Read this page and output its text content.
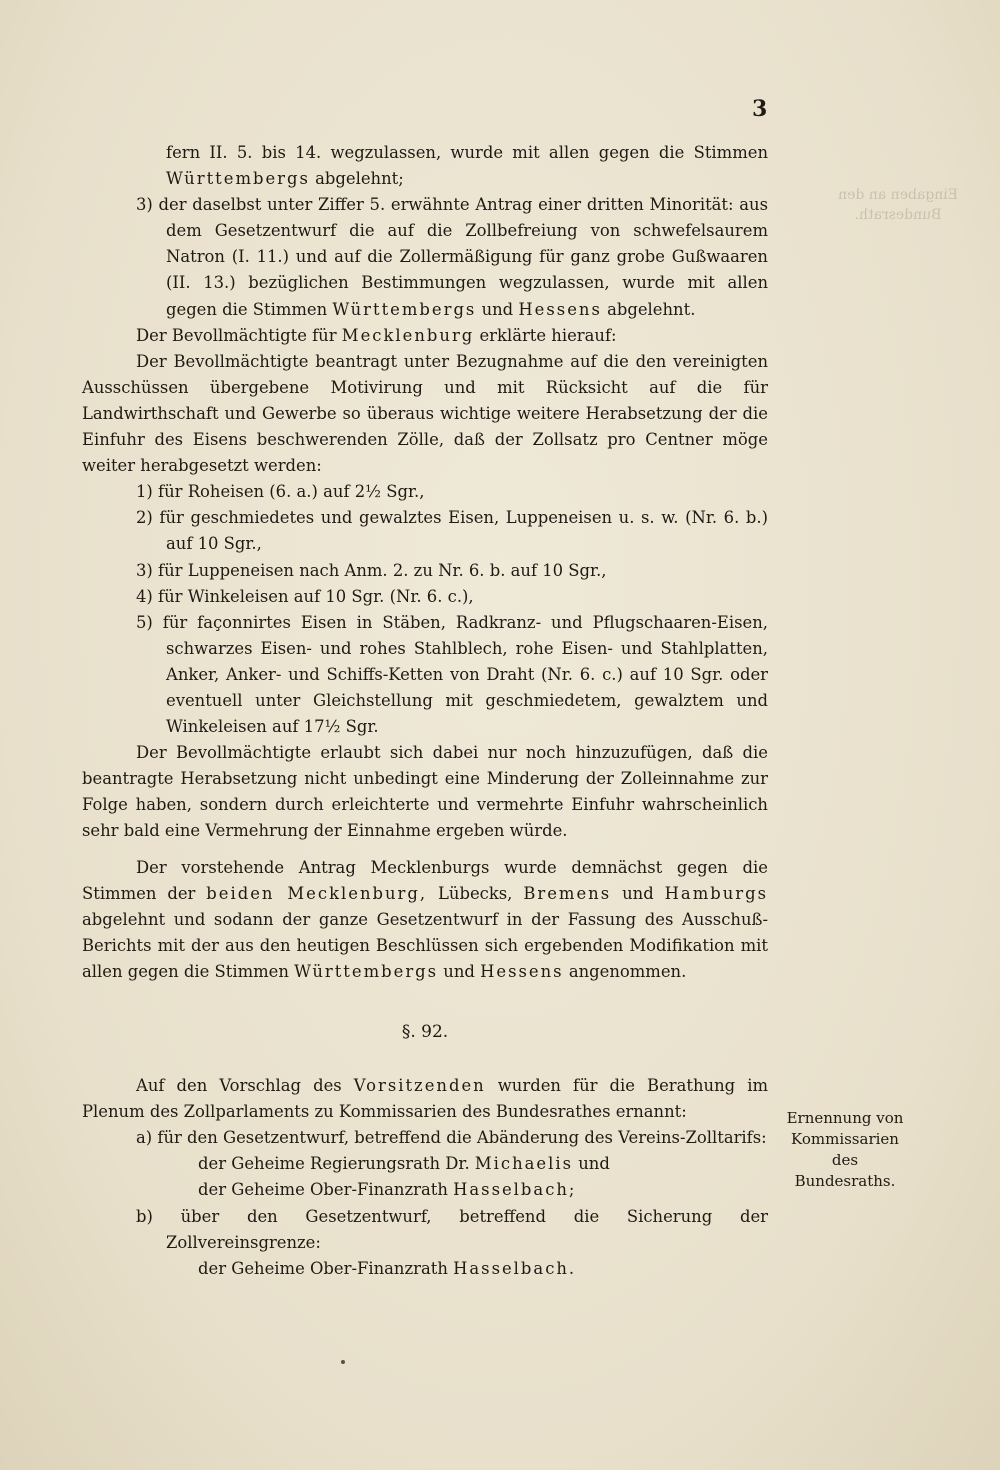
Eingaben an den Bundesrath.
3

fern II. 5. bis 14. wegzulassen, wurde mit allen gegen die Stimmen Württembergs abgelehnt;

3) der daselbst unter Ziffer 5. erwähnte Antrag einer dritten Minorität: aus dem Gesetzentwurf die auf die Zollbefreiung von schwefelsaurem Natron (I. 11.) und auf die Zollermäßigung für ganz grobe Gußwaaren (II. 13.) bezüglichen Bestimmungen wegzulassen, wurde mit allen gegen die Stimmen Württembergs und Hessens abgelehnt.

Der Bevollmächtigte für Mecklenburg erklärte hierauf:

Der Bevollmächtigte beantragt unter Bezugnahme auf die den vereinigten Ausschüssen übergebene Motivirung und mit Rücksicht auf die für Landwirthschaft und Gewerbe so überaus wichtige weitere Herabsetzung der die Einfuhr des Eisens beschwerenden Zölle, daß der Zollsatz pro Centner möge weiter herabgesetzt werden:

1) für Roheisen (6. a.) auf 2½ Sgr.,

2) für geschmiedetes und gewalztes Eisen, Luppeneisen u. s. w. (Nr. 6. b.) auf 10 Sgr.,

3) für Luppeneisen nach Anm. 2. zu Nr. 6. b. auf 10 Sgr.,

4) für Winkeleisen auf 10 Sgr. (Nr. 6. c.),

5) für façonnirtes Eisen in Stäben, Radkranz- und Pflugschaaren-Eisen, schwarzes Eisen- und rohes Stahlblech, rohe Eisen- und Stahlplatten, Anker, Anker- und Schiffs-Ketten von Draht (Nr. 6. c.) auf 10 Sgr. oder eventuell unter Gleichstellung mit geschmiedetem, gewalztem und Winkeleisen auf 17½ Sgr.

Der Bevollmächtigte erlaubt sich dabei nur noch hinzuzufügen, daß die beantragte Herabsetzung nicht unbedingt eine Minderung der Zolleinnahme zur Folge haben, sondern durch erleichterte und vermehrte Einfuhr wahrscheinlich sehr bald eine Vermehrung der Einnahme ergeben würde.

Der vorstehende Antrag Mecklenburgs wurde demnächst gegen die Stimmen der beiden Mecklenburg, Lübecks, Bremens und Hamburgs abgelehnt und sodann der ganze Gesetzentwurf in der Fassung des Ausschuß-Berichts mit der aus den heutigen Beschlüssen sich ergebenden Modifikation mit allen gegen die Stimmen Württembergs und Hessens angenommen.

§. 92.

Auf den Vorschlag des Vorsitzenden wurden für die Berathung im Plenum des Zollparlaments zu Kommissarien des Bundesrathes ernannt:

a) für den Gesetzentwurf, betreffend die Abänderung des Vereins-Zolltarifs:

der Geheime Regierungsrath Dr. Michaelis und

der Geheime Ober-Finanzrath Hasselbach;

b) über den Gesetzentwurf, betreffend die Sicherung der Zollvereinsgrenze:

der Geheime Ober-Finanzrath Hasselbach.

Ernennung von
Kommissarien des
Bundesraths.
